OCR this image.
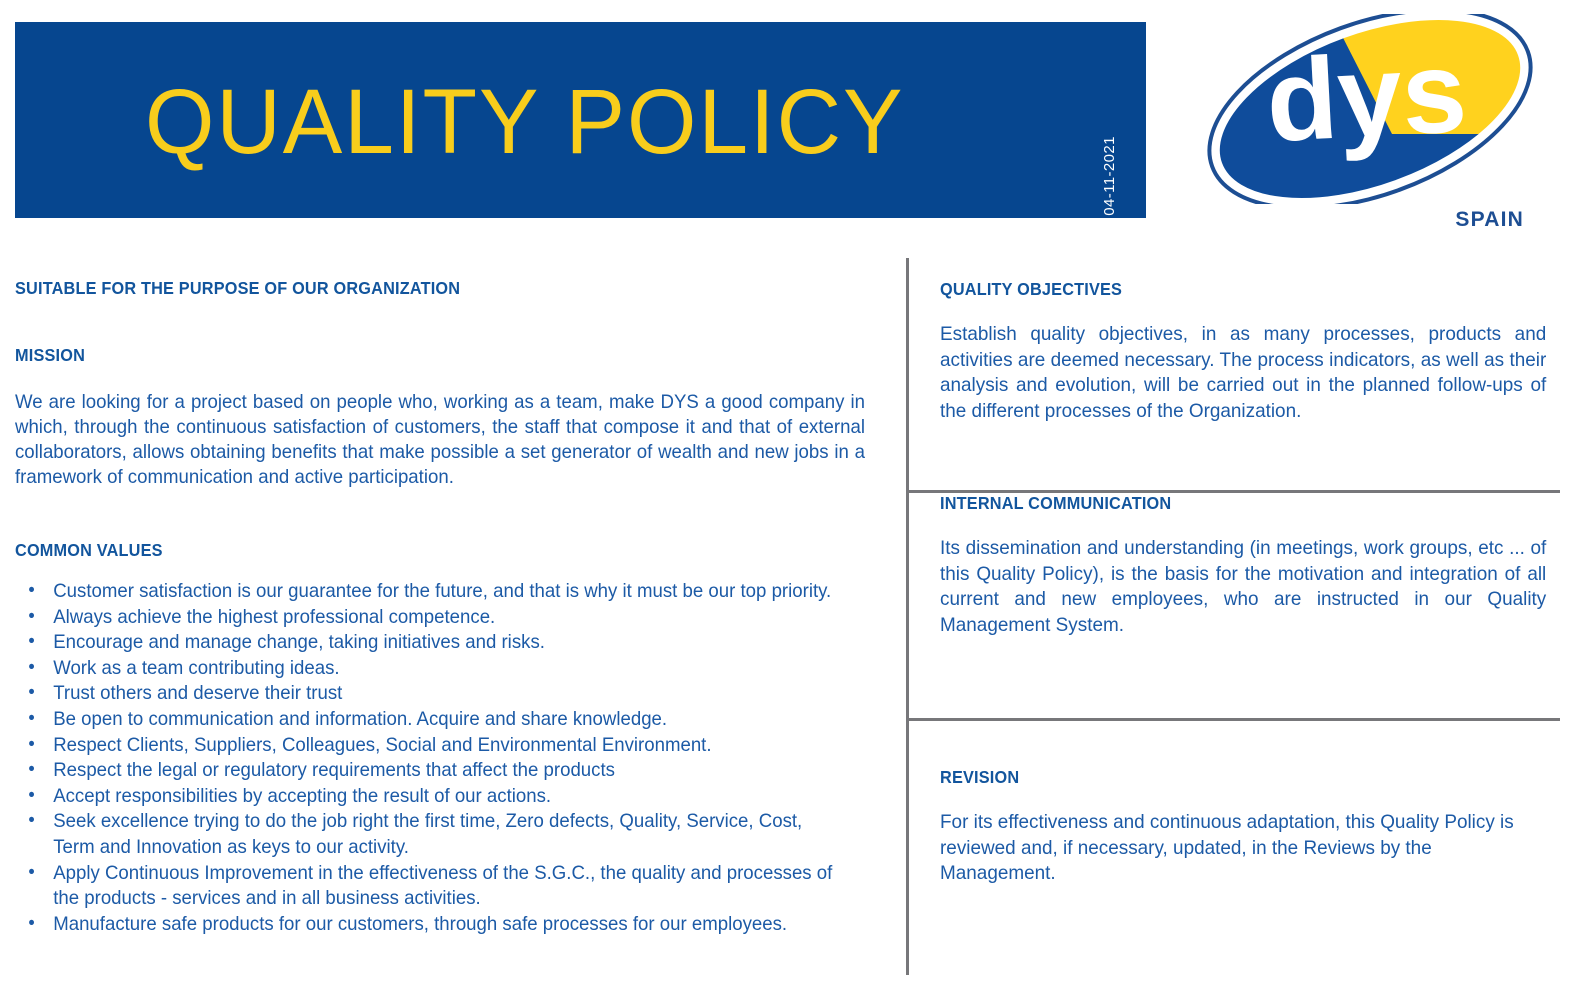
QUALITY POLICY
Rev. 5 - 04-11-2021
dys
SPAIN
SUITABLE FOR THE PURPOSE OF OUR ORGANIZATION
MISSION
We are looking for a project based on people who, working as a team, make DYS a good company in which, through the continuous satisfaction of customers, the staff that compose it and that of external collaborators, allows obtaining benefits that make possible a set generator of wealth and new jobs in a framework of communication and active participation.
COMMON VALUES
• Customer satisfaction is our guarantee for the future, and that is why it must be our top priority.
• Always achieve the highest professional competence.
• Encourage and manage change, taking initiatives and risks.
• Work as a team contributing ideas.
• Trust others and deserve their trust
• Be open to communication and information. Acquire and share knowledge.
• Respect Clients, Suppliers, Colleagues, Social and Environmental Environment.
• Respect the legal or regulatory requirements that affect the products
• Accept responsibilities by accepting the result of our actions.
• Seek excellence trying to do the job right the first time, Zero defects, Quality, Service, Cost, Term and Innovation as keys to our activity.
• Apply Continuous Improvement in the effectiveness of the S.G.C., the quality and processes of the products - services and in all business activities.
• Manufacture safe products for our customers, through safe processes for our employees.
QUALITY OBJECTIVES
Establish quality objectives, in as many processes, products and activities are deemed necessary. The process indicators, as well as their analysis and evolution, will be carried out in the planned follow-ups of the different processes of the Organization.
INTERNAL COMMUNICATION
Its dissemination and understanding (in meetings, work groups, etc ... of this Quality Policy), is the basis for the motivation and integration of all current and new employees, who are instructed in our Quality Management System.
REVISION
For its effectiveness and continuous adaptation, this Quality Policy is reviewed and, if necessary, updated, in the Reviews by the Management.
